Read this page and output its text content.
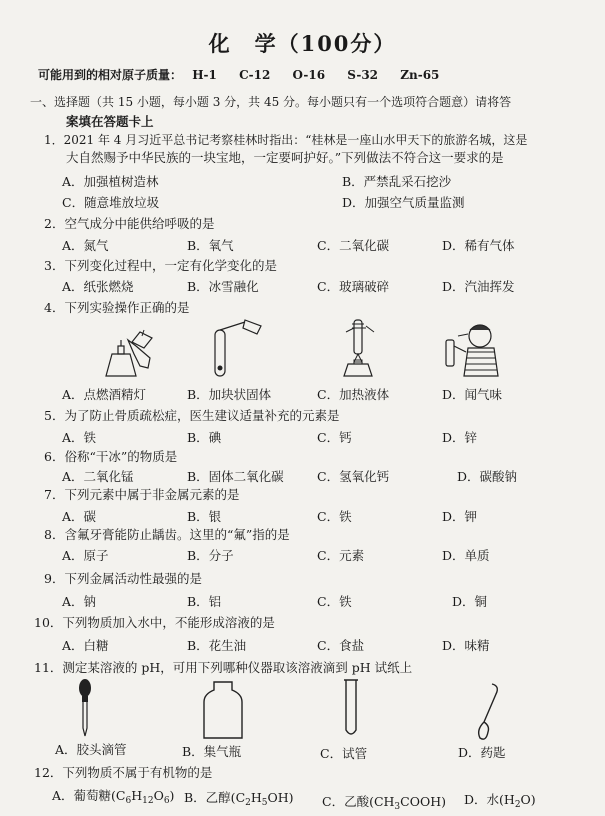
化　学（100分）
可能用到的相对原子质量： H-1 C-12 O-16 S-32 Zn-65
一、选择题（共 15 小题，每小题 3 分，共 45 分。每小题只有一个选项符合题意）请将答
案填在答题卡上
1．2021 年 4 月习近平总书记考察桂林时指出：“桂林是一座山水甲天下的旅游名城，这是
大自然赐予中华民族的一块宝地，一定要呵护好。”下列做法不符合这一要求的是
A．加强植树造林	B．严禁乱采石挖沙
C．随意堆放垃圾	D．加强空气质量监测
2．空气成分中能供给呼吸的是
A．氮气	B．氧气	C．二氧化碳	D．稀有气体
3．下列变化过程中，一定有化学变化的是
A．纸张燃烧	B．冰雪融化	C．玻璃破碎	D．汽油挥发
4．下列实验操作正确的是
A．点燃酒精灯	B．加块状固体	C．加热液体	D．闻气味
5．为了防止骨质疏松症，医生建议适量补充的元素是
A．铁	B．碘	C．钙	D．锌
6．俗称“干冰”的物质是
A．二氧化锰	B．固体二氧化碳	C．氢氧化钙	D．碳酸钠
7．下列元素中属于非金属元素的是
A．碳	B．银	C．铁	D．钾
8．含氟牙膏能防止龋齿。这里的“氟”指的是
A．原子	B．分子	C．元素	D．单质
9．下列金属活动性最强的是
A．钠	B．铝	C．铁	D．铜
10．下列物质加入水中，不能形成溶液的是
A．白糖	B．花生油	C．食盐	D．味精
11．测定某溶液的 pH，可用下列哪种仪器取该溶液滴到 pH 试纸上
A．胶头滴管	B．集气瓶	C．试管	D．药匙
12．下列物质不属于有机物的是
A．葡萄糖$(C_6H_{12}O_6)$ B．乙醇$(C_2H_5OH)$ C．乙酸$(CH_3COOH)$ D．水$(H_2O)$
